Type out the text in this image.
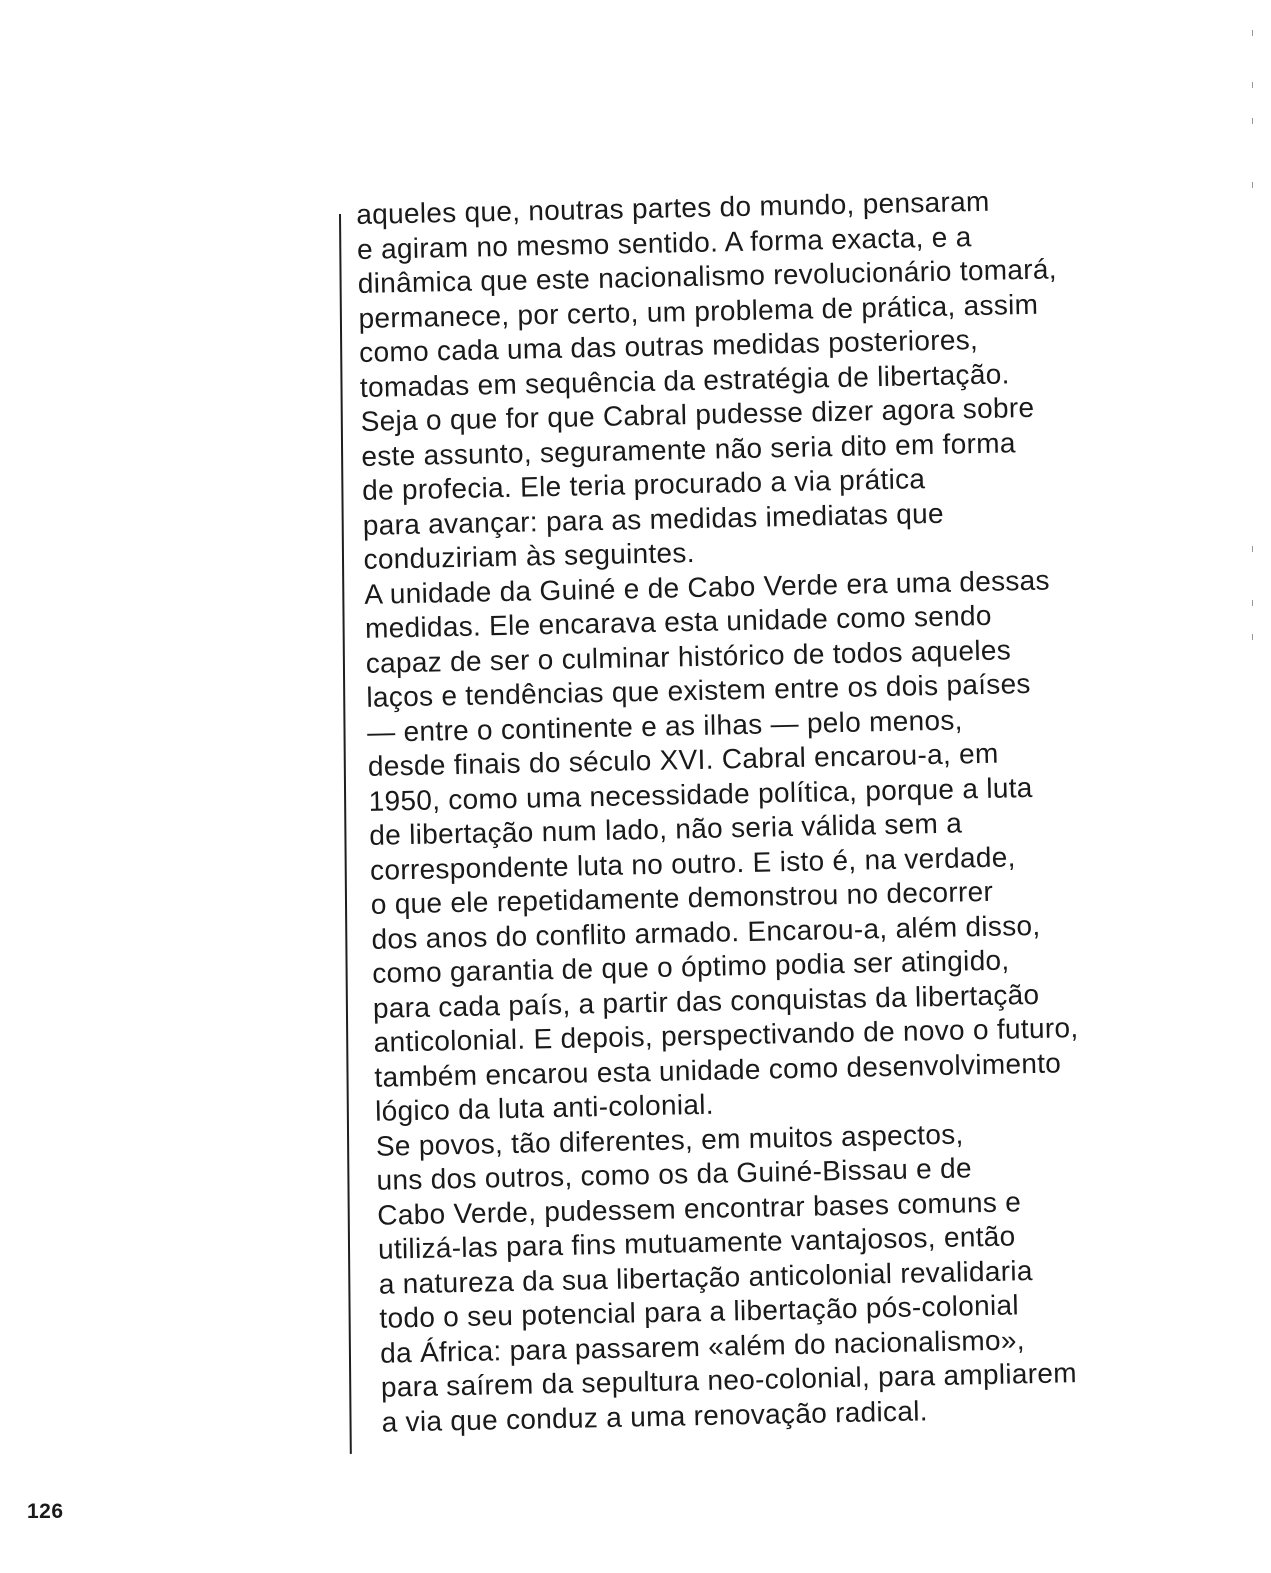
aqueles que, noutras partes do mundo, pensaram
e agiram no mesmo sentido. A forma exacta, e a
dinâmica que este nacionalismo revolucionário tomará,
permanece, por certo, um problema de prática, assim
como cada uma das outras medidas posteriores,
tomadas em sequência da estratégia de libertação.
Seja o que for que Cabral pudesse dizer agora sobre
este assunto, seguramente não seria dito em forma
de profecia. Ele teria procurado a via prática
para avançar: para as medidas imediatas que
conduziriam às seguintes.
A unidade da Guiné e de Cabo Verde era uma dessas
medidas. Ele encarava esta unidade como sendo
capaz de ser o culminar histórico de todos aqueles
laços e tendências que existem entre os dois países
— entre o continente e as ilhas — pelo menos,
desde finais do século XVI. Cabral encarou-a, em
1950, como uma necessidade política, porque a luta
de libertação num lado, não seria válida sem a
correspondente luta no outro. E isto é, na verdade,
o que ele repetidamente demonstrou no decorrer
dos anos do conflito armado. Encarou-a, além disso,
como garantia de que o óptimo podia ser atingido,
para cada país, a partir das conquistas da libertação
anticolonial. E depois, perspectivando de novo o futuro,
também encarou esta unidade como desenvolvimento
lógico da luta anti-colonial.
Se povos, tão diferentes, em muitos aspectos,
uns dos outros, como os da Guiné-Bissau e de
Cabo Verde, pudessem encontrar bases comuns e
utilizá-las para fins mutuamente vantajosos, então
a natureza da sua libertação anticolonial revalidaria
todo o seu potencial para a libertação pós-colonial
da África: para passarem «além do nacionalismo»,
para saírem da sepultura neo-colonial, para ampliarem
a via que conduz a uma renovação radical.
126
